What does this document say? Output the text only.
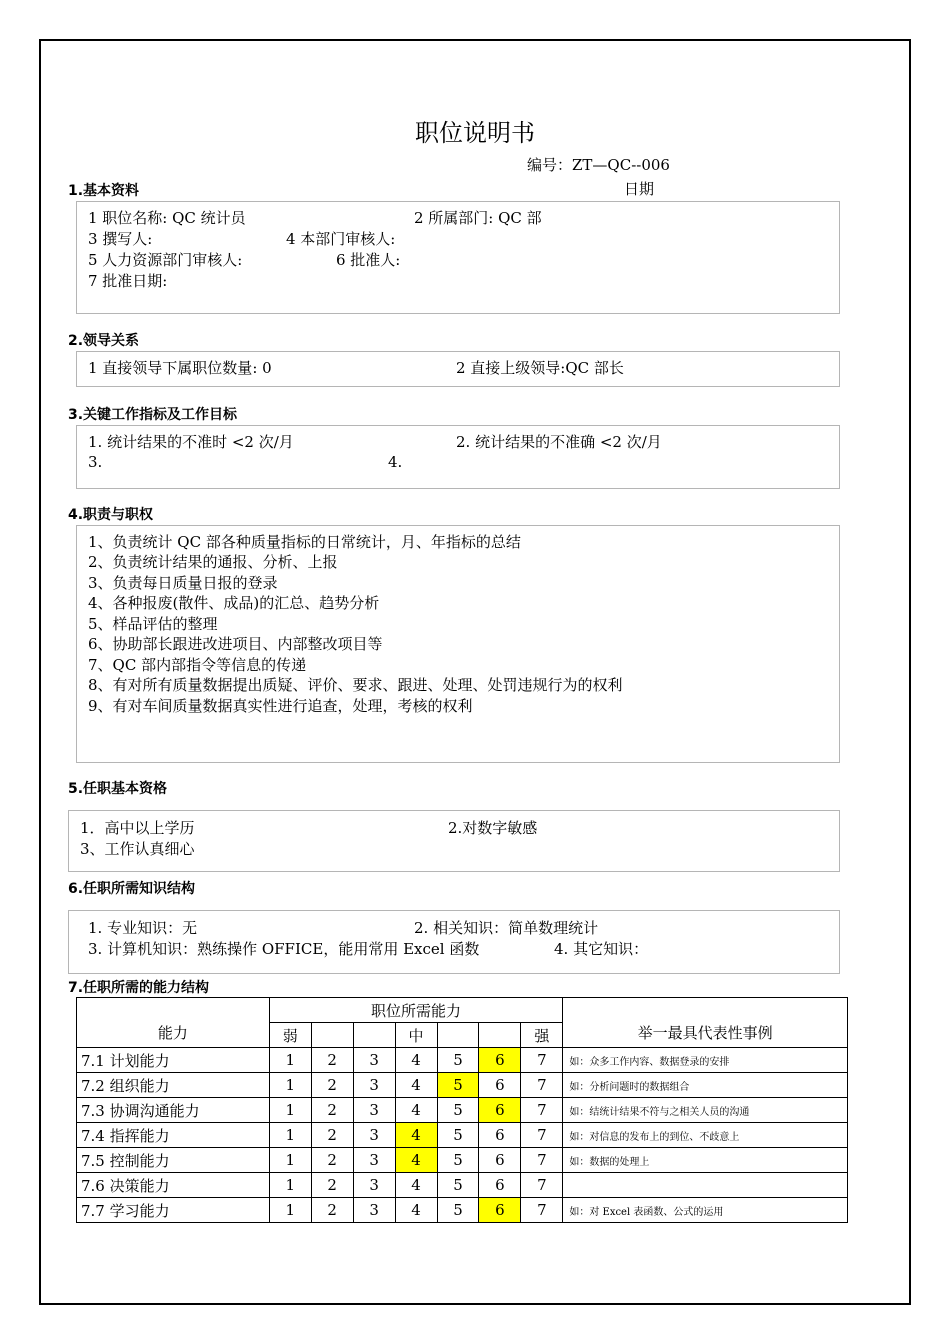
职位说明书
编号：ZT—QC--006
日期
1.基本资料
1 职位名称: QC 统计员	2 所属部门: QC 部
3 撰写人:	4 本部门审核人:
5 人力资源部门审核人:	6 批准人:
7 批准日期:
2.领导关系
1 直接领导下属职位数量: 0	2 直接上级领导:QC 部长
3.关键工作指标及工作目标
1. 统计结果的不准时 <2 次/月	2. 统计结果的不准确 <2 次/月
3.	4.
4.职责与职权
1、负责统计 QC 部各种质量指标的日常统计，月、年指标的总结
2、负责统计结果的通报、分析、上报
3、负责每日质量日报的登录
4、各种报废(散件、成品)的汇总、趋势分析
5、样品评估的整理
6、协助部长跟进改进项目、内部整改项目等
7、QC 部内部指令等信息的传递
8、有对所有质量数据提出质疑、评价、要求、跟进、处理、处罚违规行为的权利
9、有对车间质量数据真实性进行追查，处理，考核的权利
5.任职基本资格
1．高中以上学历	2.对数字敏感
3、工作认真细心
6.任职所需知识结构
1. 专业知识：无	2. 相关知识：简单数理统计
3. 计算机知识：熟练操作 OFFICE，能用常用 Excel 函数	4. 其它知识：
7.任职所需的能力结构
能力	职位所需能力							举一最具代表性事例
	弱			中			强	
7.1 计划能力	1	2	3	4	5	6	7	如：众多工作内容、数据登录的安排
7.2 组织能力	1	2	3	4	5	6	7	如：分析问题时的数据组合
7.3 协调沟通能力	1	2	3	4	5	6	7	如：结统计结果不符与之相关人员的沟通
7.4 指挥能力	1	2	3	4	5	6	7	如：对信息的发布上的到位、不歧意上
7.5 控制能力	1	2	3	4	5	6	7	如：数据的处理上
7.6 决策能力	1	2	3	4	5	6	7	
7.7 学习能力	1	2	3	4	5	6	7	如：对 Excel 表函数、公式的运用
